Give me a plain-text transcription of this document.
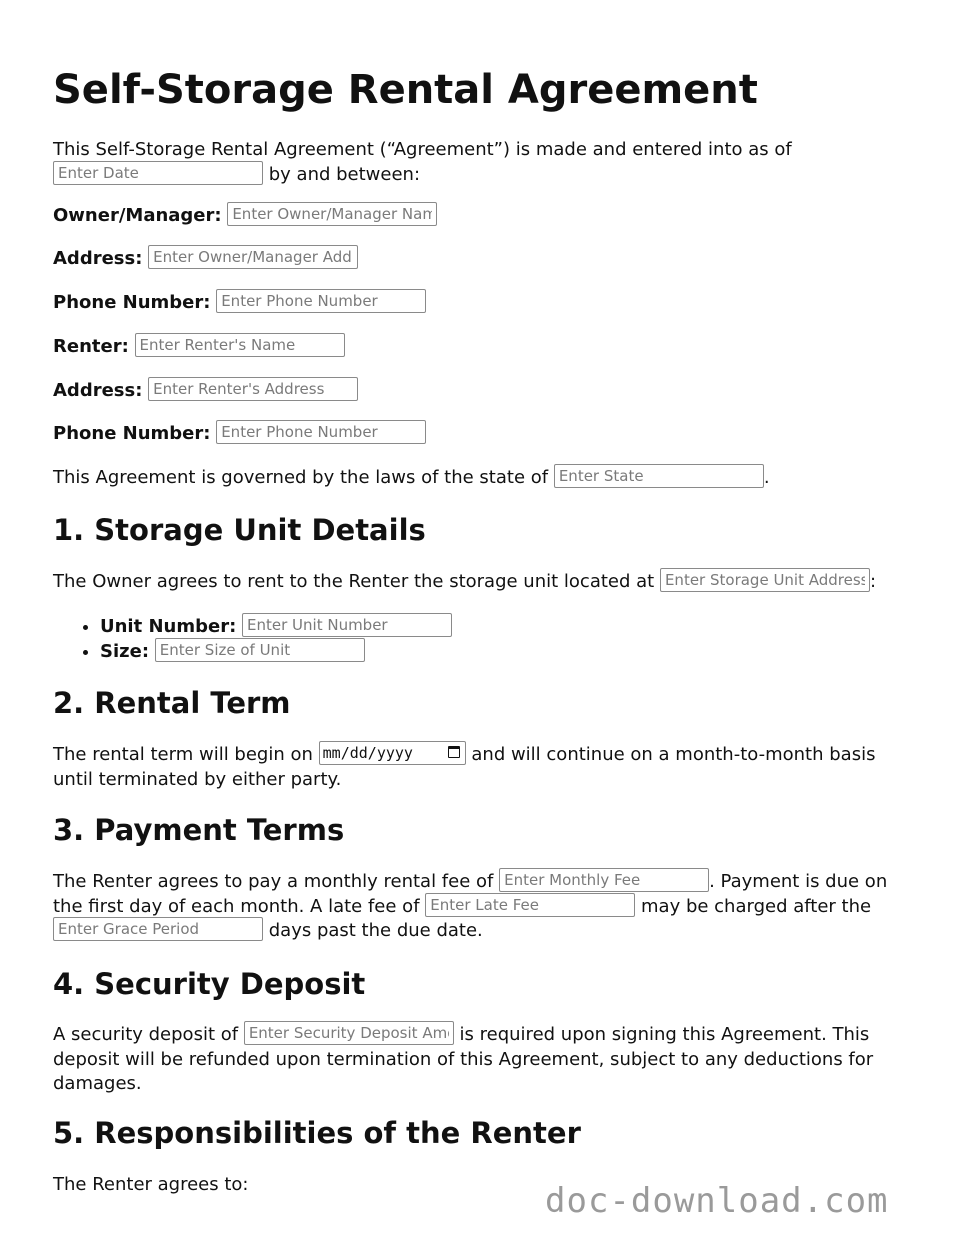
Self-Storage Rental Agreement

This Self-Storage Rental Agreement (“Agreement”) is made and entered into as of Enter Date by and between:

Owner/Manager: Enter Owner/Manager Name
Address: Enter Owner/Manager Address
Phone Number: Enter Phone Number
Renter: Enter Renter's Name
Address: Enter Renter's Address
Phone Number: Enter Phone Number
This Agreement is governed by the laws of the state of Enter State	.
1. Storage Unit Details
The Owner agrees to rent to the Renter the storage unit located at Enter Storage Unit Address	:
• Unit Number: Enter Unit Number
• Size: Enter Size of Unit
2. Rental Term

The rental term will begin on mm/dd/yyyy	and will continue on a month-to-month basis until terminated by either party.

3. Payment Terms

The Renter agrees to pay a monthly rental fee of Enter Monthly Fee	. Payment is due on the first day of each month. A late fee of Enter Late Fee	may be charged after the Enter Grace Period days past the due date.

4. Security Deposit

A security deposit of Enter Security Deposit Amount	is required upon signing this Agreement. This deposit will be refunded upon termination of this Agreement, subject to any deductions for damages.

5. Responsibilities of the Renter
The Renter agrees to:	doc-download.com
